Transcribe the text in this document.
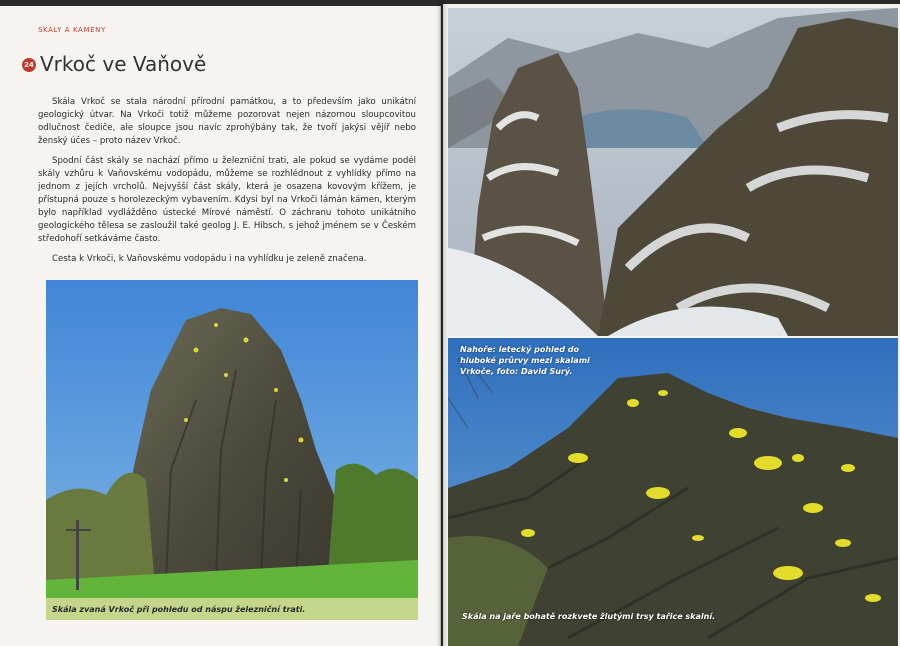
SKÁLY A KAMENY
24 Vrkoč ve Vaňově

Skála Vrkoč se stala národní přírodní památkou, a to především jako unikátní geologický útvar. Na Vrkoči totiž můžeme pozorovat nejen názornou sloupcovitou odlučnost čediče, ale sloupce jsou navíc zprohýbány tak, že tvoří jakýsi vějíř nebo ženský účes – proto název Vrkoč.

Spodní část skály se nachází přímo u železniční trati, ale pokud se vydáme podél skály vzhůru k Vaňovskému vodopádu, můžeme se rozhlédnout z vyhlídky přímo na jednom z jejích vrcholů. Nejvyšší část skály, která je osazena kovovým křížem, je přístupná pouze s horolezeckým vybavením. Kdysi byl na Vrkoči lámán kámen, kterým bylo například vydlážděno ústecké Mírové náměstí. O záchranu tohoto unikátního geologického tělesa se zasloužil také geolog J. E. Hibsch, s jehož jménem se v Českém středohoří setkáváme často.

Cesta k Vrkoči, k Vaňovskému vodopádu i na vyhlídku je zeleně značena.

Skála zvaná Vrkoč při pohledu od náspu železniční trati.
Nahoře: letecký pohled do hluboké průrvy mezi skalami Vrkoče, foto: David Surý.
Skála na jaře bohatě rozkvete žlutými trsy tařice skalní.
